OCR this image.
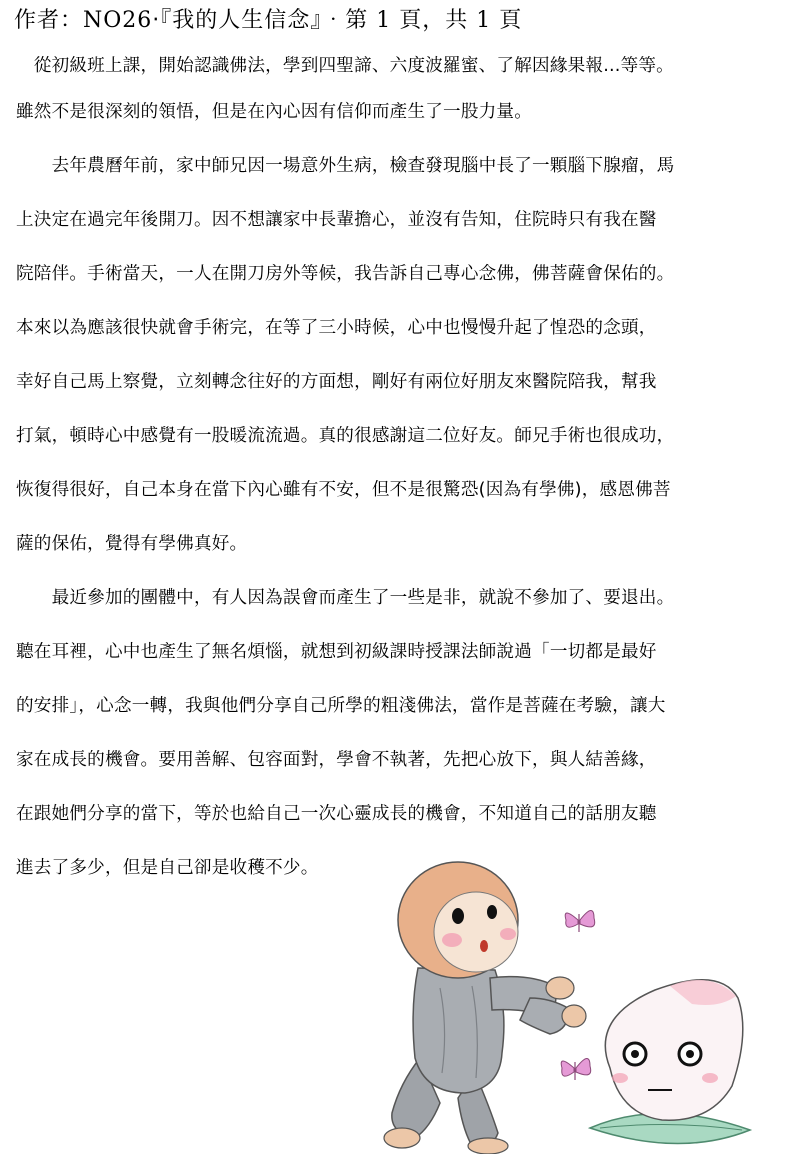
作者：NO26‧『我的人生信念』‧第 1 頁，共 1 頁
　從初級班上課，開始認識佛法，學到四聖諦、六度波羅蜜、了解因緣果報...等等。
雖然不是很深刻的領悟，但是在內心因有信仰而產生了一股力量。
　　去年農曆年前，家中師兄因一場意外生病，檢查發現腦中長了一顆腦下腺瘤，馬
上決定在過完年後開刀。因不想讓家中長輩擔心，並沒有告知，住院時只有我在醫
院陪伴。手術當天，一人在開刀房外等候，我告訴自己專心念佛，佛菩薩會保佑的。
本來以為應該很快就會手術完，在等了三小時候，心中也慢慢升起了惶恐的念頭，
幸好自己馬上察覺，立刻轉念往好的方面想，剛好有兩位好朋友來醫院陪我，幫我
打氣，頓時心中感覺有一股暖流流過。真的很感謝這二位好友。師兄手術也很成功，
恢復得很好，自己本身在當下內心雖有不安，但不是很驚恐(因為有學佛)，感恩佛菩
薩的保佑，覺得有學佛真好。
　　最近參加的團體中，有人因為誤會而產生了一些是非，就說不參加了、要退出。
聽在耳裡，心中也產生了無名煩惱，就想到初級課時授課法師說過「一切都是最好
的安排」，心念一轉，我與他們分享自己所學的粗淺佛法，當作是菩薩在考驗，讓大
家在成長的機會。要用善解、包容面對，學會不執著，先把心放下，與人結善緣，
在跟她們分享的當下，等於也給自己一次心靈成長的機會，不知道自己的話朋友聽
進去了多少，但是自己卻是收穫不少。
